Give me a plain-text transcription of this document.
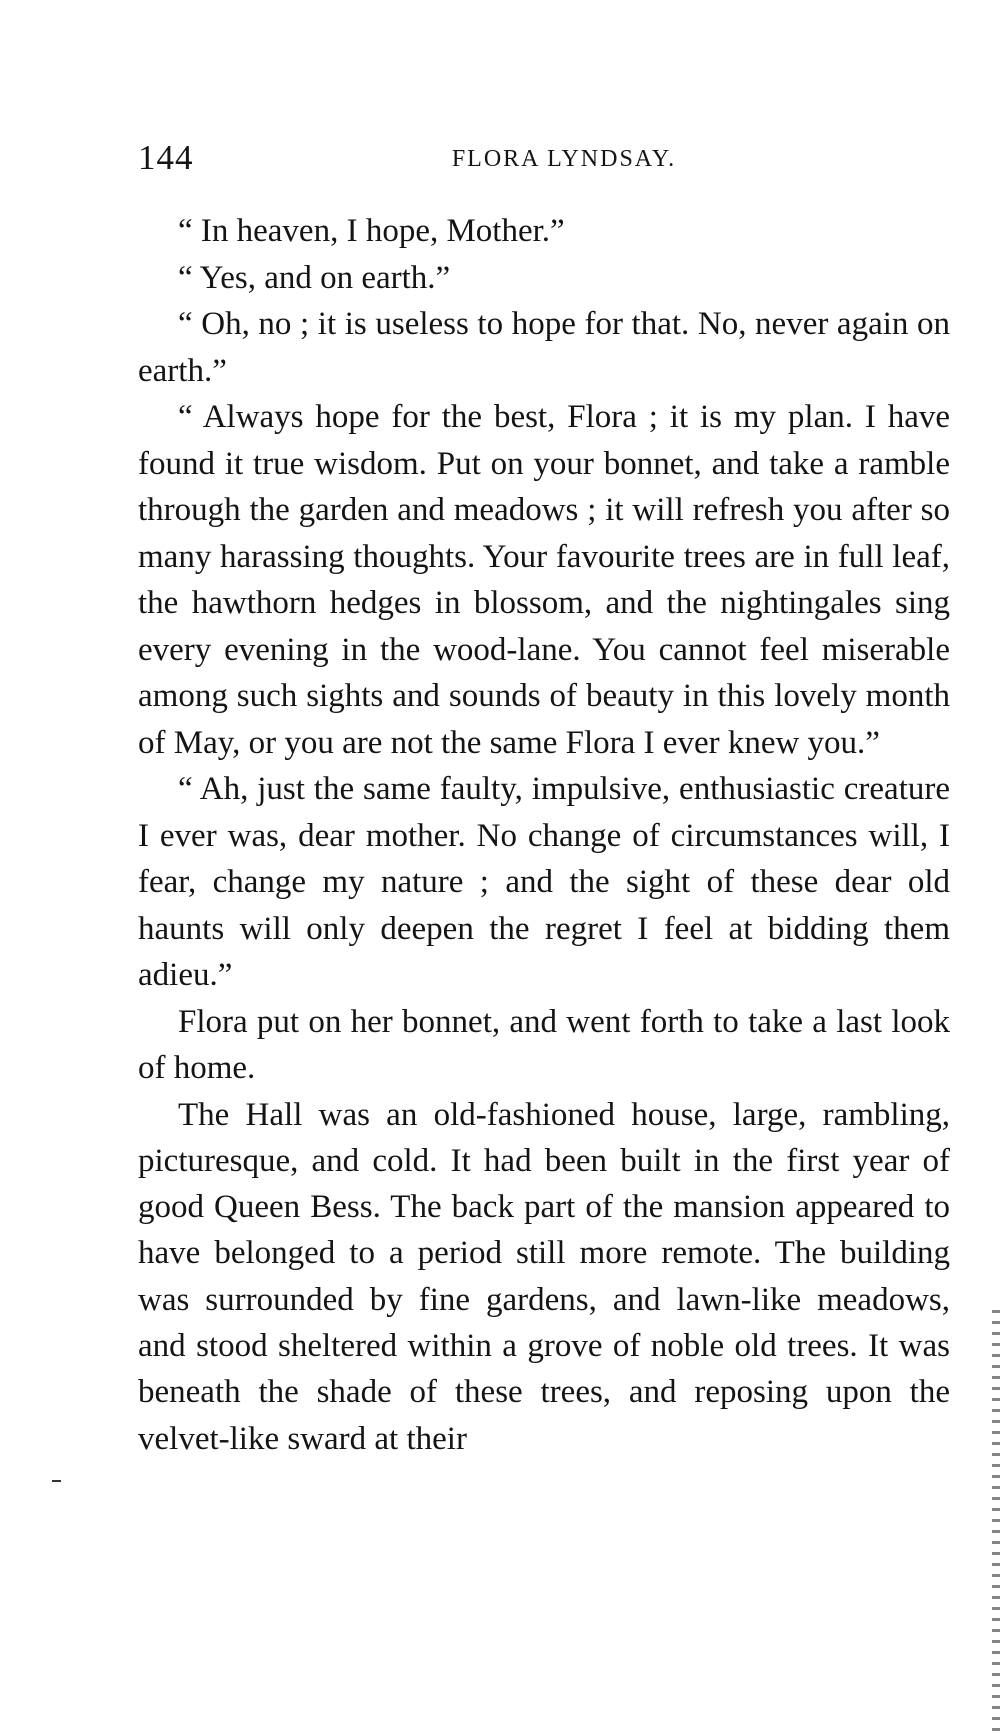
144	FLORA LYNDSAY.

“ In heaven, I hope, Mother.”

“ Yes, and on earth.”

“ Oh, no ; it is useless to hope for that. No, never again on earth.”

“ Always hope for the best, Flora ; it is my plan. I have found it true wisdom. Put on your bonnet, and take a ramble through the garden and meadows ; it will refresh you after so many harassing thoughts. Your favourite trees are in full leaf, the hawthorn hedges in blossom, and the nightingales sing every evening in the wood-lane. You cannot feel miserable among such sights and sounds of beauty in this lovely month of May, or you are not the same Flora I ever knew you.”

“ Ah, just the same faulty, impulsive, enthusiastic creature I ever was, dear mother. No change of circumstances will, I fear, change my nature ; and the sight of these dear old haunts will only deepen the regret I feel at bidding them adieu.”

Flora put on her bonnet, and went forth to take a last look of home.

The Hall was an old-fashioned house, large, rambling, picturesque, and cold. It had been built in the first year of good Queen Bess. The back part of the mansion appeared to have belonged to a period still more remote. The building was surrounded by fine gardens, and lawn-like meadows, and stood sheltered within a grove of noble old trees. It was beneath the shade of these trees, and reposing upon the velvet-like sward at their
